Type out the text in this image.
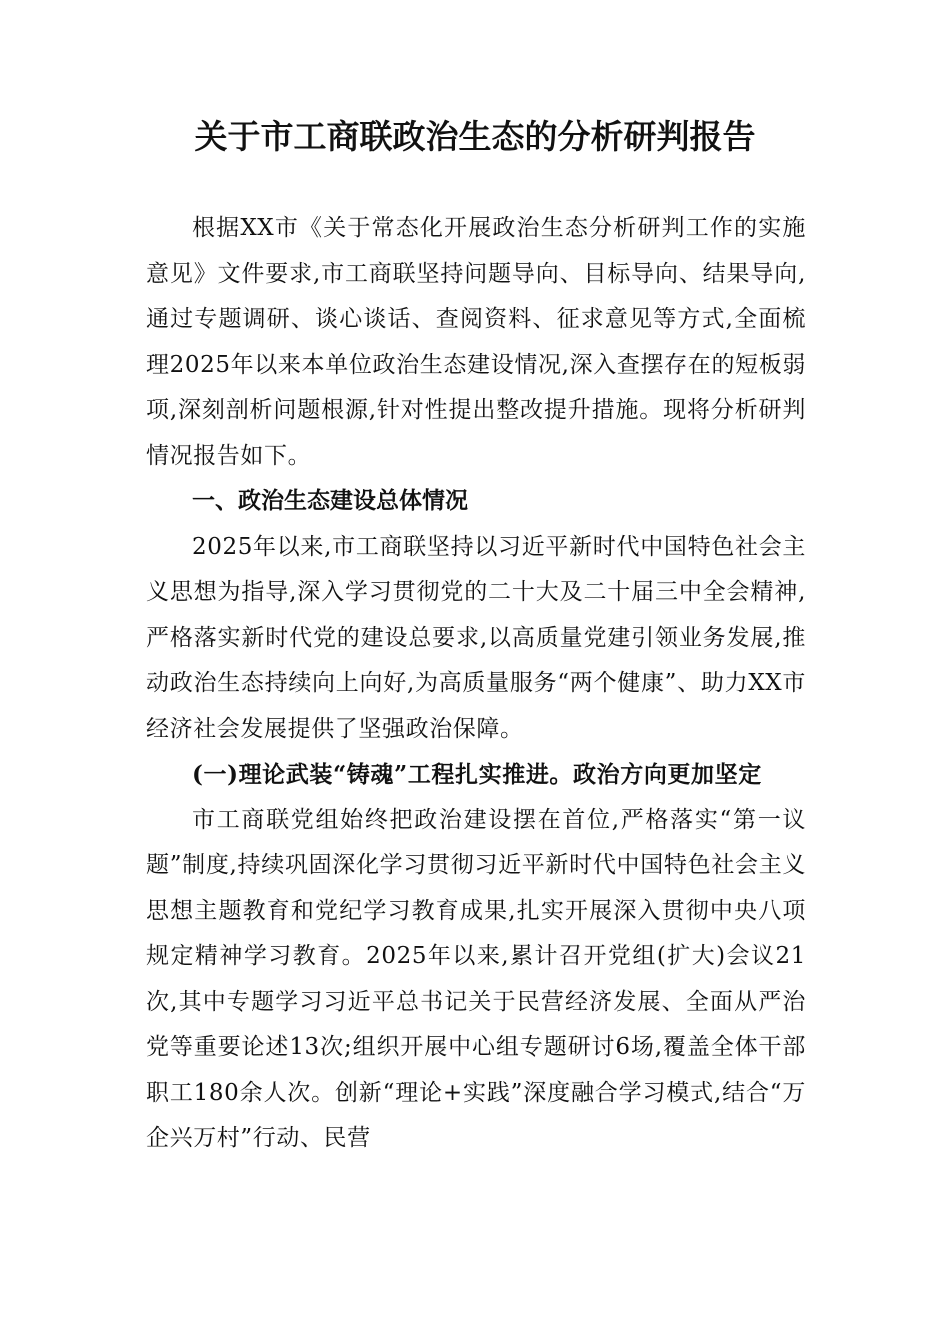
关于市工商联政治生态的分析研判报告

根据XX市《关于常态化开展政治生态分析研判工作的实施意见》文件要求,市工商联坚持问题导向、目标导向、结果导向,通过专题调研、谈心谈话、查阅资料、征求意见等方式,全面梳理2025年以来本单位政治生态建设情况,深入查摆存在的短板弱项,深刻剖析问题根源,针对性提出整改提升措施。现将分析研判情况报告如下。

一、政治生态建设总体情况

2025年以来,市工商联坚持以习近平新时代中国特色社会主义思想为指导,深入学习贯彻党的二十大及二十届三中全会精神,严格落实新时代党的建设总要求,以高质量党建引领业务发展,推动政治生态持续向上向好,为高质量服务“两个健康”、助力XX市经济社会发展提供了坚强政治保障。

(一)理论武装“铸魂”工程扎实推进。政治方向更加坚定

市工商联党组始终把政治建设摆在首位,严格落实“第一议题”制度,持续巩固深化学习贯彻习近平新时代中国特色社会主义思想主题教育和党纪学习教育成果,扎实开展深入贯彻中央八项规定精神学习教育。2025年以来,累计召开党组(扩大)会议21次,其中专题学习习近平总书记关于民营经济发展、全面从严治党等重要论述13次;组织开展中心组专题研讨6场,覆盖全体干部职工180余人次。创新“理论+实践”深度融合学习模式,结合“万企兴万村”行动、民营
